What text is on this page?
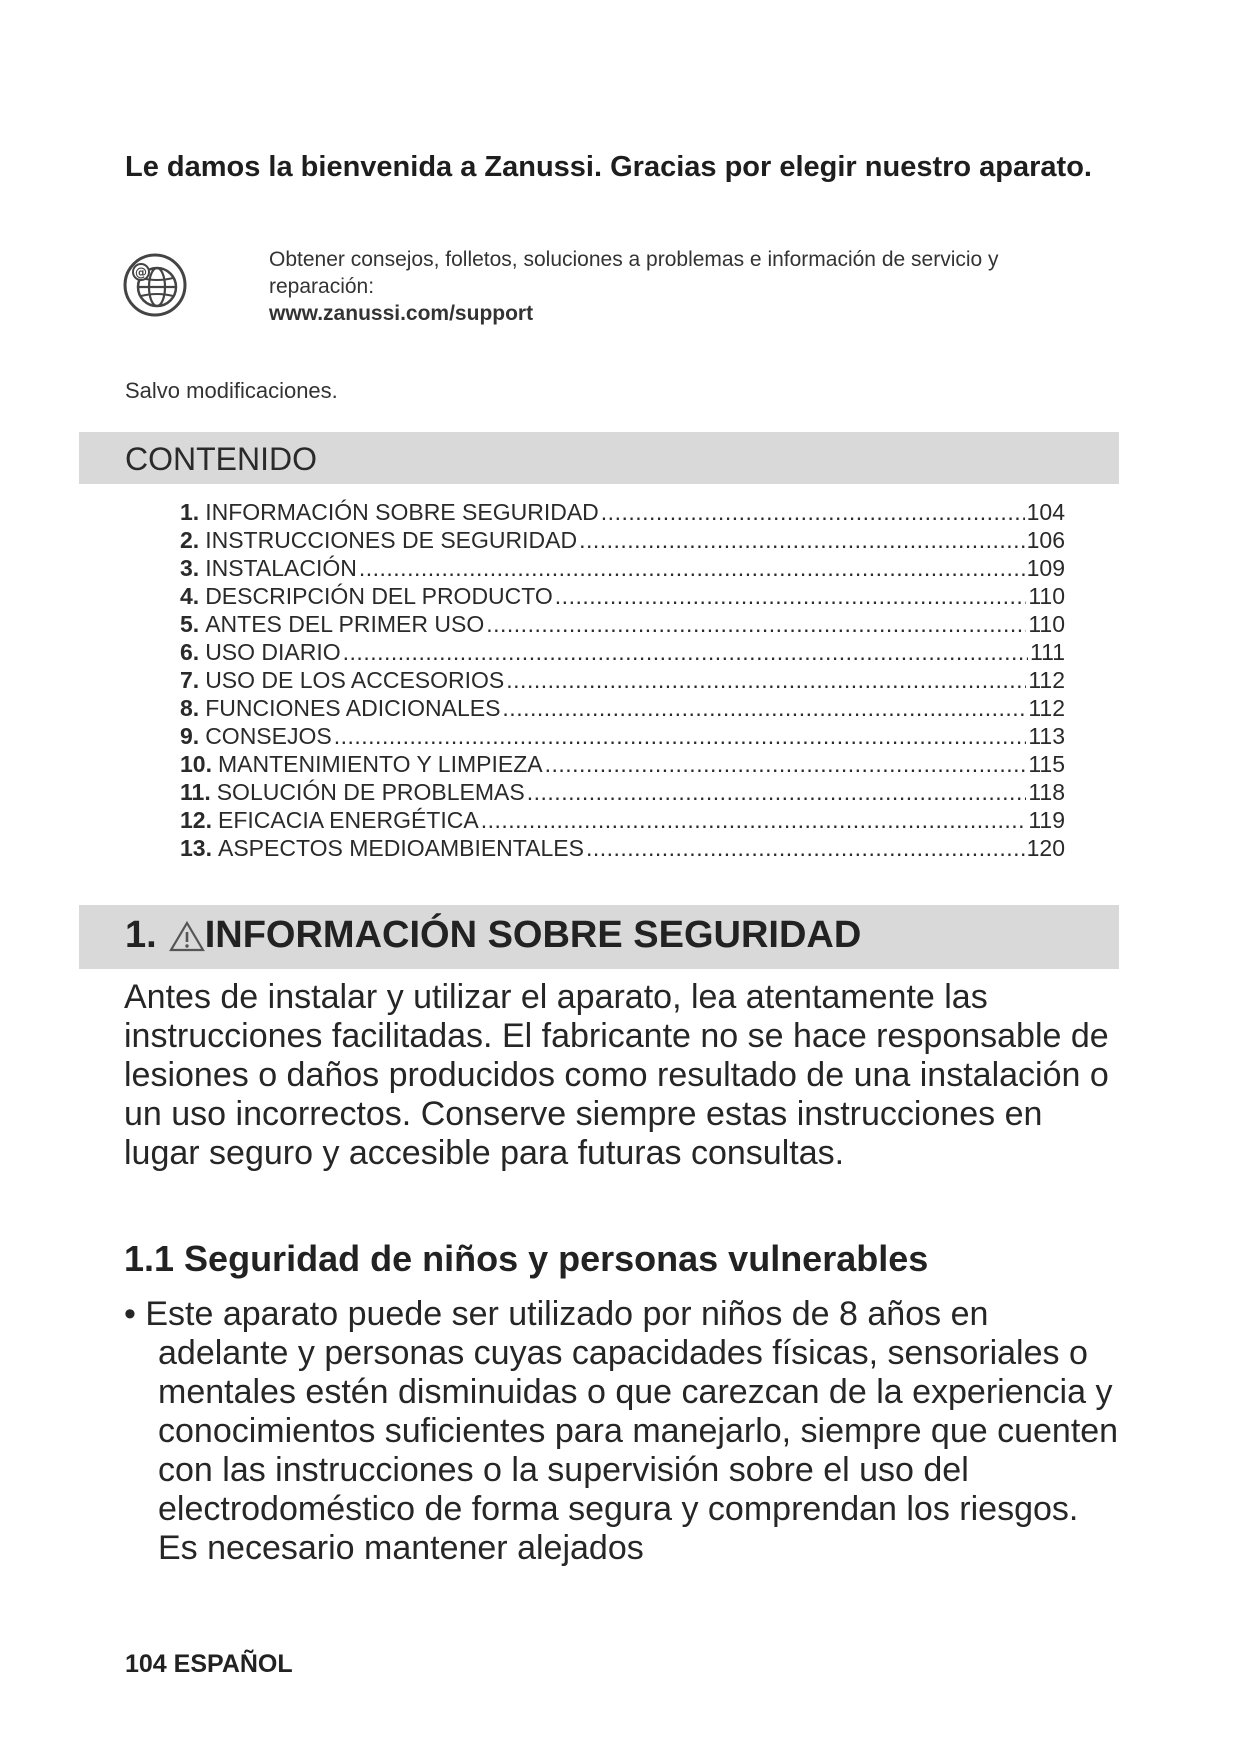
Le damos la bienvenida a Zanussi. Gracias por elegir nuestro aparato.
@
Obtener consejos, folletos, soluciones a problemas e información de servicio y reparación:
www.zanussi.com/support
Salvo modificaciones.
CONTENIDO
1. INFORMACIÓN SOBRE SEGURIDAD .....	104
2. INSTRUCCIONES DE SEGURIDAD .....	106
3. INSTALACIÓN .....	109
4. DESCRIPCIÓN DEL PRODUCTO .....	110
5. ANTES DEL PRIMER USO .....	110
6. USO DIARIO .....	111
7. USO DE LOS ACCESORIOS .....	112
8. FUNCIONES ADICIONALES .....	112
9. CONSEJOS .....	113
10. MANTENIMIENTO Y LIMPIEZA .....	115
11. SOLUCIÓN DE PROBLEMAS .....	118
12. EFICACIA ENERGÉTICA .....	119
13. ASPECTOS MEDIOAMBIENTALES .....	120
1. INFORMACIÓN SOBRE SEGURIDAD
Antes de instalar y utilizar el aparato, lea atentamente las instrucciones facilitadas. El fabricante no se hace responsable de lesiones o daños producidos como resultado de una instalación o un uso incorrectos. Conserve siempre estas instrucciones en lugar seguro y accesible para futuras consultas.
1.1 Seguridad de niños y personas vulnerables
• Este aparato puede ser utilizado por niños de 8 años en adelante y personas cuyas capacidades físicas, sensoriales o mentales estén disminuidas o que carezcan de la experiencia y conocimientos suficientes para manejarlo, siempre que cuenten con las instrucciones o la supervisión sobre el uso del electrodoméstico de forma segura y comprendan los riesgos. Es necesario mantener alejados
104 ESPAÑOL
